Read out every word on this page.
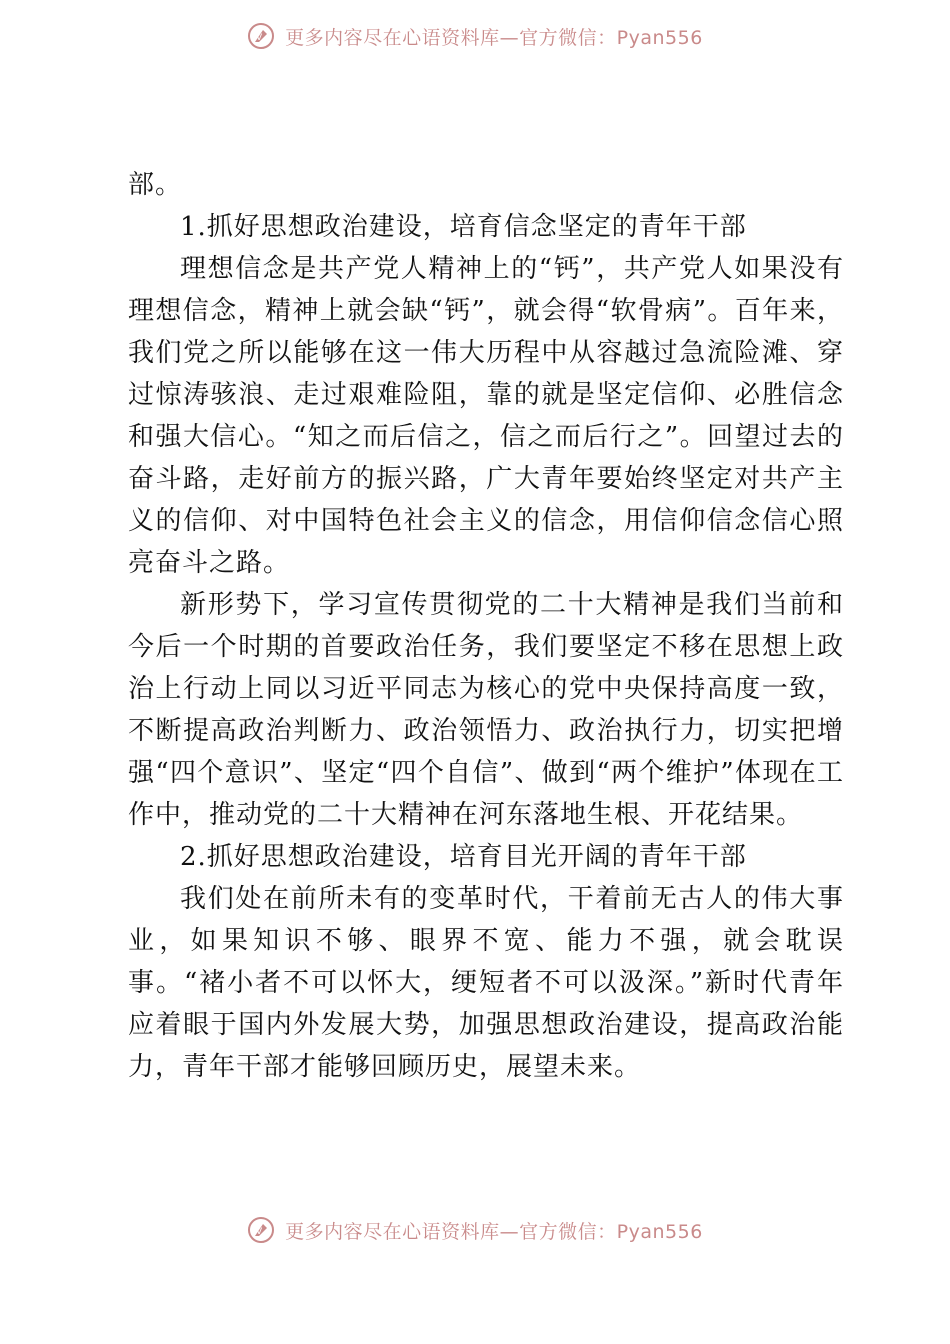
V 更多内容尽在心语资料库—官方微信：Pyan556

部。

1.抓好思想政治建设，培育信念坚定的青年干部

理想信念是共产党人精神上的“钙”，共产党人如果没有理想信念，精神上就会缺“钙”，就会得“软骨病”。百年来，我们党之所以能够在这一伟大历程中从容越过急流险滩、穿过惊涛骇浪、走过艰难险阻，靠的就是坚定信仰、必胜信念和强大信心。“知之而后信之，信之而后行之”。回望过去的奋斗路，走好前方的振兴路，广大青年要始终坚定对共产主义的信仰、对中国特色社会主义的信念，用信仰信念信心照亮奋斗之路。

新形势下，学习宣传贯彻党的二十大精神是我们当前和今后一个时期的首要政治任务，我们要坚定不移在思想上政治上行动上同以习近平同志为核心的党中央保持高度一致， 不断提高政治判断力、政治领悟力、政治执行力，切实把增强“四个意识”、坚定“四个自信”、做到“两个维护”体现在工作中，推动党的二十大精神在河东落地生根、开花结果。

2.抓好思想政治建设，培育目光开阔的青年干部

我们处在前所未有的变革时代，干着前无古人的伟大事业，如果知识不够、眼界不宽、能力不强，就会耽误事。“褚小者不可以怀大，绠短者不可以汲深。”新时代青年应着眼于国内外发展大势，加强思想政治建设，提高政治能力，青年干部才能够回顾历史，展望未来。

V 更多内容尽在心语资料库—官方微信：Pyan556
